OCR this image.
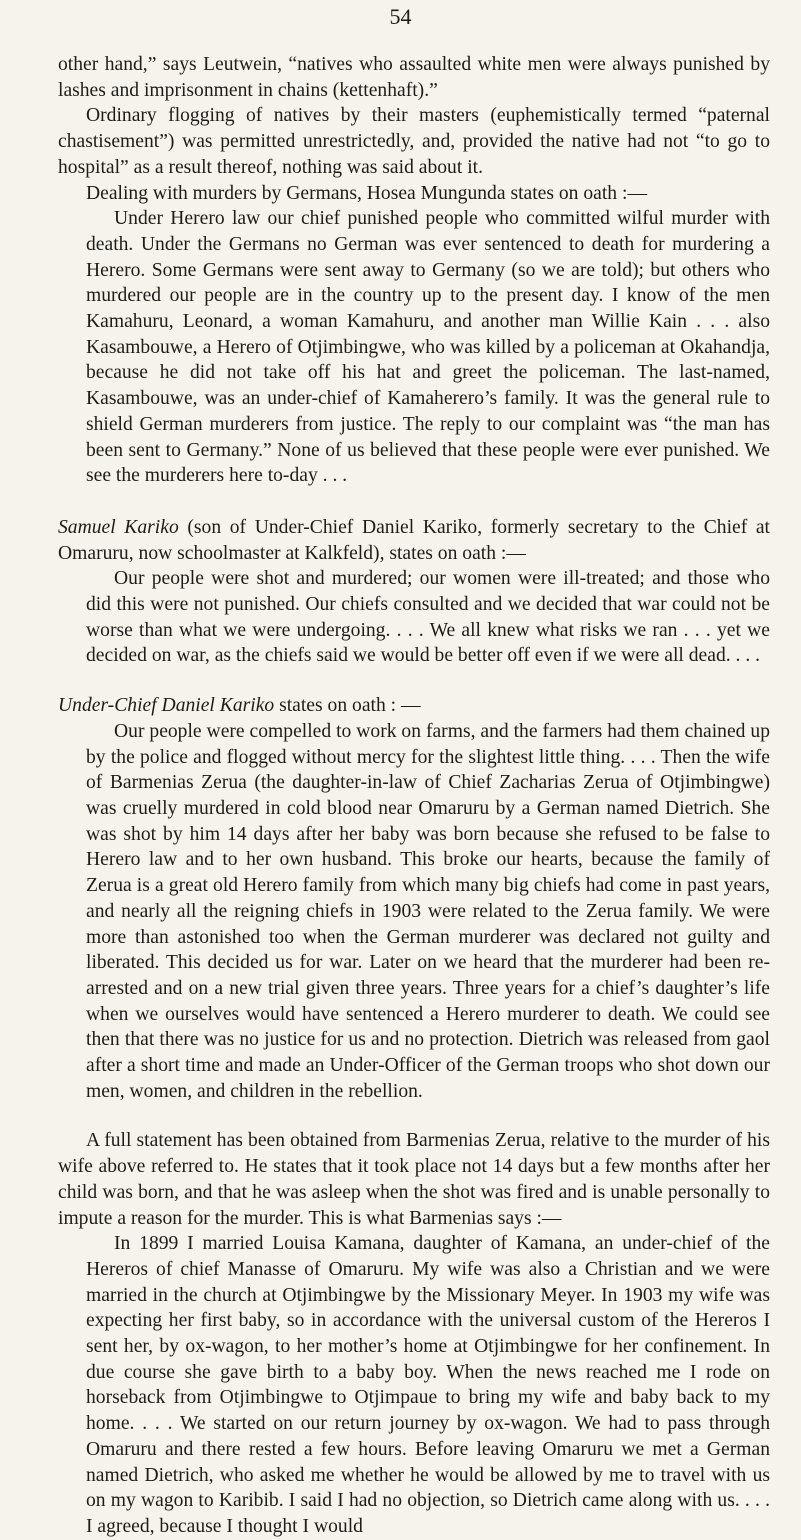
54

other hand,” says Leutwein, “natives who assaulted white men were always punished by lashes and imprisonment in chains (kettenhaft).”

Ordinary flogging of natives by their masters (euphemistically termed “paternal chastisement”) was permitted unrestrictedly, and, provided the native had not “to go to hospital” as a result thereof, nothing was said about it.

Dealing with murders by Germans, Hosea Mungunda states on oath :—

Under Herero law our chief punished people who committed wilful murder with death. Under the Germans no German was ever sentenced to death for murdering a Herero. Some Germans were sent away to Germany (so we are told); but others who murdered our people are in the country up to the present day. I know of the men Kamahuru, Leonard, a woman Kamahuru, and another man Willie Kain . . . also Kasambouwe, a Herero of Otjimbingwe, who was killed by a policeman at Okahandja, because he did not take off his hat and greet the policeman. The last-named, Kasambouwe, was an under-chief of Kamaherero’s family. It was the general rule to shield German murderers from justice. The reply to our complaint was “the man has been sent to Germany.” None of us believed that these people were ever punished. We see the murderers here to-day . . .

Samuel Kariko (son of Under-Chief Daniel Kariko, formerly secretary to the Chief at Omaruru, now schoolmaster at Kalkfeld), states on oath :—

Our people were shot and murdered; our women were ill-treated; and those who did this were not punished. Our chiefs consulted and we decided that war could not be worse than what we were undergoing. . . . We all knew what risks we ran . . . yet we decided on war, as the chiefs said we would be better off even if we were all dead. . . .

Under-Chief Daniel Kariko states on oath : —

Our people were compelled to work on farms, and the farmers had them chained up by the police and flogged without mercy for the slightest little thing. . . . Then the wife of Barmenias Zerua (the daughter-in-law of Chief Zacharias Zerua of Otjimbingwe) was cruelly murdered in cold blood near Omaruru by a German named Dietrich. She was shot by him 14 days after her baby was born because she refused to be false to Herero law and to her own husband. This broke our hearts, because the family of Zerua is a great old Herero family from which many big chiefs had come in past years, and nearly all the reigning chiefs in 1903 were related to the Zerua family. We were more than astonished too when the German murderer was declared not guilty and liberated. This decided us for war. Later on we heard that the murderer had been re-arrested and on a new trial given three years. Three years for a chief’s daughter’s life when we ourselves would have sentenced a Herero murderer to death. We could see then that there was no justice for us and no protection. Dietrich was released from gaol after a short time and made an Under-Officer of the German troops who shot down our men, women, and children in the rebellion.

A full statement has been obtained from Barmenias Zerua, relative to the murder of his wife above referred to. He states that it took place not 14 days but a few months after her child was born, and that he was asleep when the shot was fired and is unable personally to impute a reason for the murder. This is what Barmenias says :—

In 1899 I married Louisa Kamana, daughter of Kamana, an under-chief of the Hereros of chief Manasse of Omaruru. My wife was also a Christian and we were married in the church at Otjimbingwe by the Missionary Meyer. In 1903 my wife was expecting her first baby, so in accordance with the universal custom of the Hereros I sent her, by ox-wagon, to her mother’s home at Otjimbingwe for her confinement. In due course she gave birth to a baby boy. When the news reached me I rode on horseback from Otjimbingwe to Otjimpaue to bring my wife and baby back to my home. . . . We started on our return journey by ox-wagon. We had to pass through Omaruru and there rested a few hours. Before leaving Omaruru we met a German named Dietrich, who asked me whether he would be allowed by me to travel with us on my wagon to Karibib. I said I had no objection, so Dietrich came along with us. . . . I agreed, because I thought I would
